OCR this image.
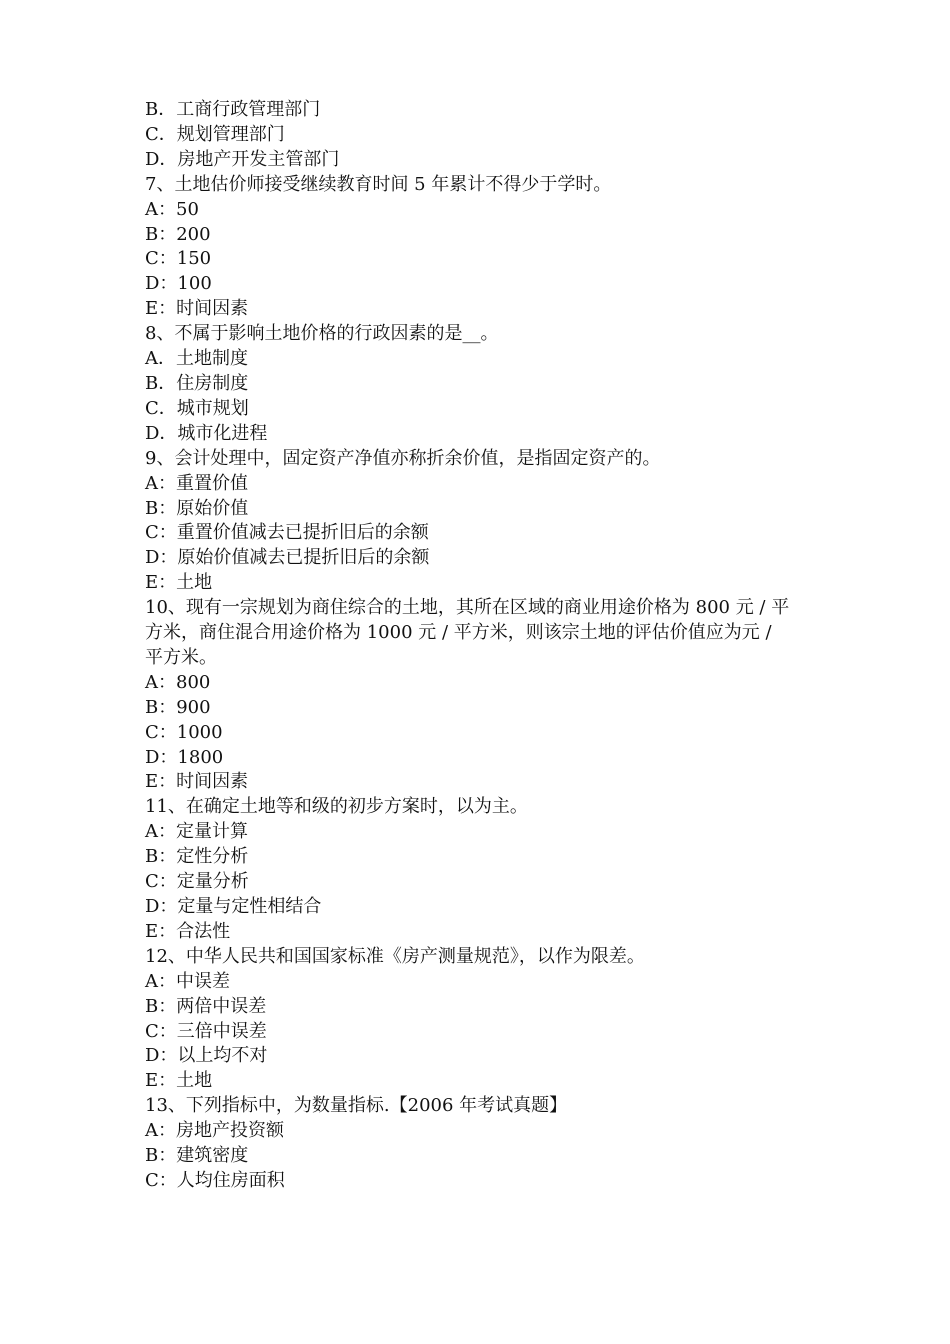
B．工商行政管理部门

C．规划管理部门

D．房地产开发主管部门

7、土地估价师接受继续教育时间 5 年累计不得少于学时。

A：50

B：200

C：150

D：100

E：时间因素

8、不属于影响土地价格的行政因素的是__。

A．土地制度

B．住房制度

C．城市规划

D．城市化进程

9、会计处理中，固定资产净值亦称折余价值，是指固定资产的。

A：重置价值

B：原始价值

C：重置价值减去已提折旧后的余额

D：原始价值减去已提折旧后的余额

E：土地

10、现有一宗规划为商住综合的土地，其所在区域的商业用途价格为 800 元 / 平

方米，商住混合用途价格为 1000 元 / 平方米，则该宗土地的评估价值应为元 /

平方米。

A：800

B：900

C：1000

D：1800

E：时间因素

11、在确定土地等和级的初步方案时，以为主。

A：定量计算

B：定性分析

C：定量分析

D：定量与定性相结合

E：合法性

12、中华人民共和国国家标准《房产测量规范》，以作为限差。

A：中误差

B：两倍中误差

C：三倍中误差

D：以上均不对

E：土地

13、下列指标中，为数量指标.【2006 年考试真题】

A：房地产投资额

B：建筑密度

C：人均住房面积
